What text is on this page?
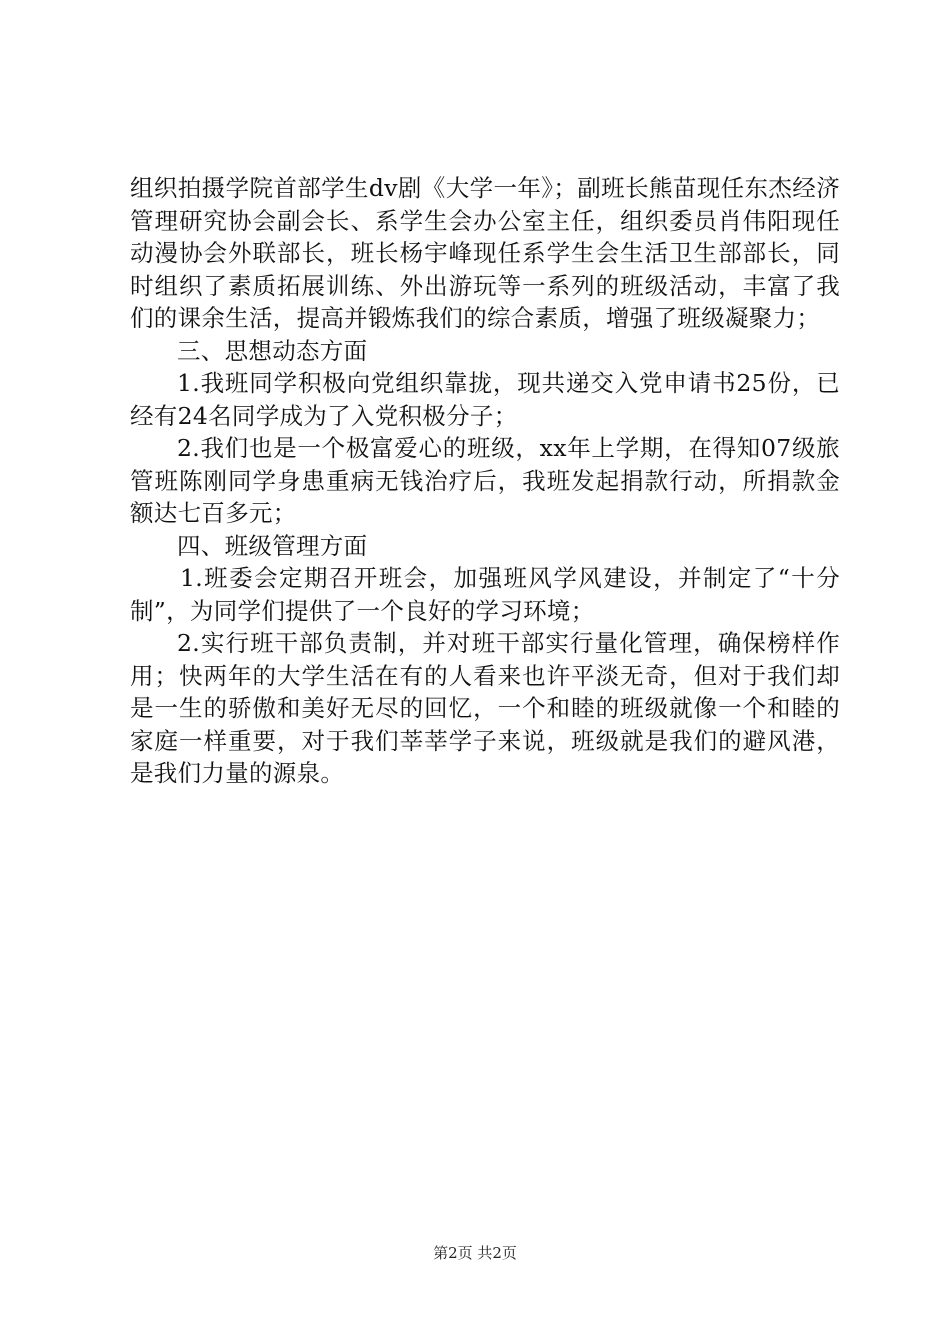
组织拍摄学院首部学生dv剧《大学一年》；副班长熊苗现任东杰经济管理研究协会副会长、系学生会办公室主任，组织委员肖伟阳现任动漫协会外联部长，班长杨宇峰现任系学生会生活卫生部部长，同时组织了素质拓展训练、外出游玩等一系列的班级活动，丰富了我们的课余生活，提高并锻炼我们的综合素质，增强了班级凝聚力；

三、思想动态方面

1.我班同学积极向党组织靠拢，现共递交入党申请书25份，已经有24名同学成为了入党积极分子；

2.我们也是一个极富爱心的班级，xx年上学期，在得知07级旅管班陈刚同学身患重病无钱治疗后，我班发起捐款行动，所捐款金额达七百多元；

四、班级管理方面

1.班委会定期召开班会，加强班风学风建设，并制定了“十分制”，为同学们提供了一个良好的学习环境；

2.实行班干部负责制，并对班干部实行量化管理，确保榜样作用；快两年的大学生活在有的人看来也许平淡无奇，但对于我们却是一生的骄傲和美好无尽的回忆，一个和睦的班级就像一个和睦的家庭一样重要，对于我们莘莘学子来说，班级就是我们的避风港，是我们力量的源泉。

第2页 共2页
